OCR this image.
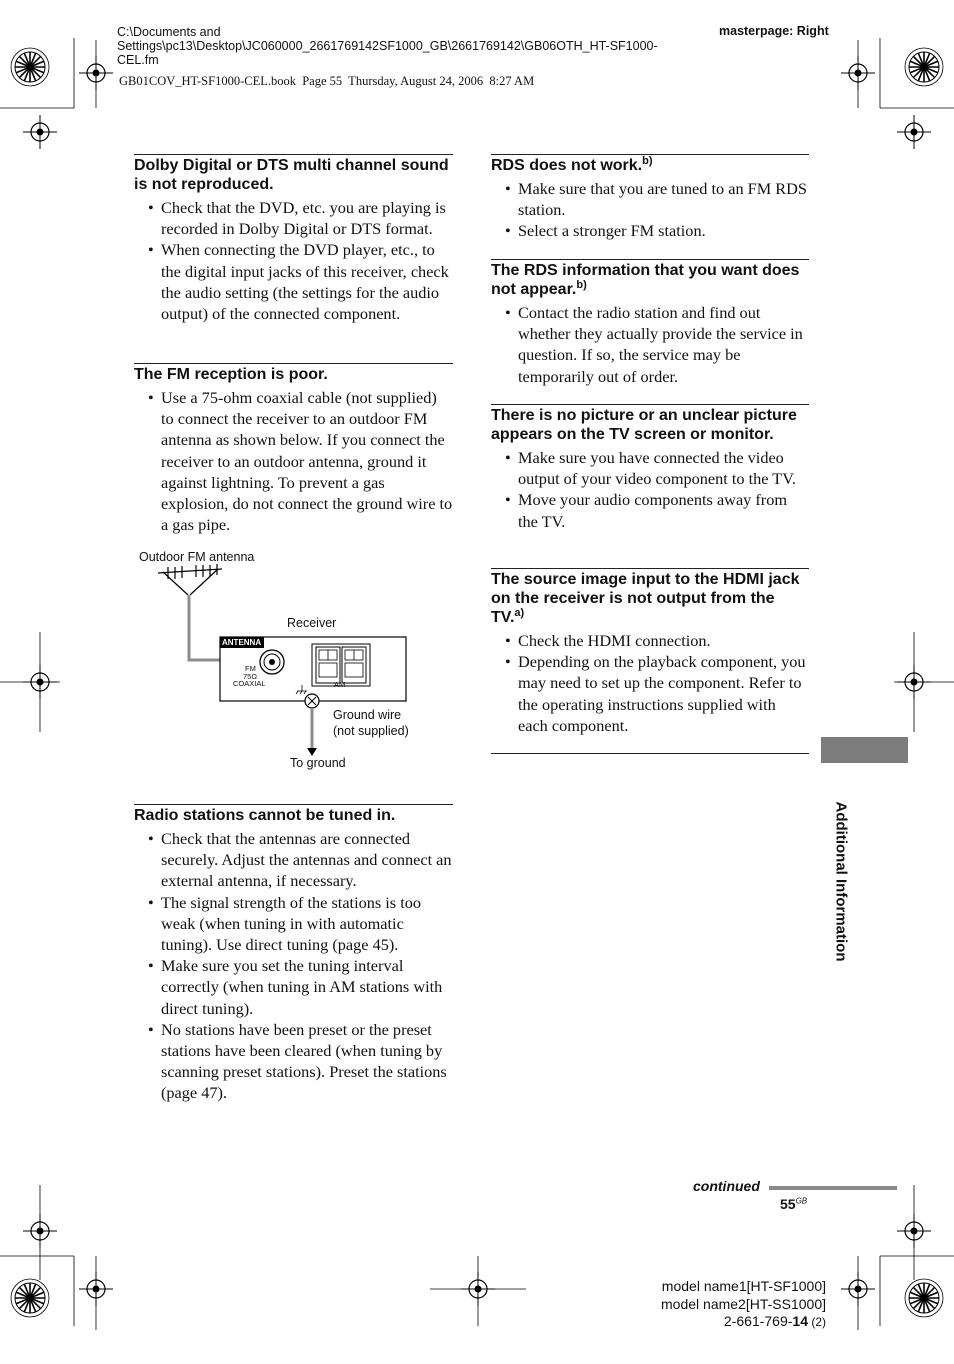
C:\Documents and
Settings\pc13\Desktop\JC060000_2661769142SF1000_GB\2661769142\GB06OTH_HT-SF1000-
CEL.fm
GB01COV_HT-SF1000-CEL.book  Page 55  Thursday, August 24, 2006  8:27 AM
masterpage: Right
Dolby Digital or DTS multi channel sound is not reproduced.
• Check that the DVD, etc. you are playing is recorded in Dolby Digital or DTS format.
• When connecting the DVD player, etc., to the digital input jacks of this receiver, check the audio setting (the settings for the audio output) of the connected component.
The FM reception is poor.
• Use a 75-ohm coaxial cable (not supplied) to connect the receiver to an outdoor FM antenna as shown below. If you connect the receiver to an outdoor antenna, ground it against lightning. To prevent a gas explosion, do not connect the ground wire to a gas pipe.
Outdoor FM antenna
Receiver
ANTENNA
FM
75Ω
COAXIAL	AM
Ground wire
(not supplied)
To ground
Radio stations cannot be tuned in.
• Check that the antennas are connected securely. Adjust the antennas and connect an external antenna, if necessary.
• The signal strength of the stations is too weak (when tuning in with automatic tuning). Use direct tuning (page 45).
• Make sure you set the tuning interval correctly (when tuning in AM stations with direct tuning).
• No stations have been preset or the preset stations have been cleared (when tuning by scanning preset stations). Preset the stations (page 47).
RDS does not work.$^{b)}$
• Make sure that you are tuned to an FM RDS station.
• Select a stronger FM station.
The RDS information that you want does not appear.$^{b)}$
• Contact the radio station and find out whether they actually provide the service in question. If so, the service may be temporarily out of order.
There is no picture or an unclear picture appears on the TV screen or monitor.
• Make sure you have connected the video output of your video component to the TV.
• Move your audio components away from the TV.
The source image input to the HDMI jack on the receiver is not output from the TV.$^{a)}$
• Check the HDMI connection.
• Depending on the playback component, you may need to set up the component. Refer to the operating instructions supplied with each component.
Additional Information
continued
$55^{GB}$
model name1[HT-SF1000]
model name2[HT-SS1000]
2-661-769-14 (2)
